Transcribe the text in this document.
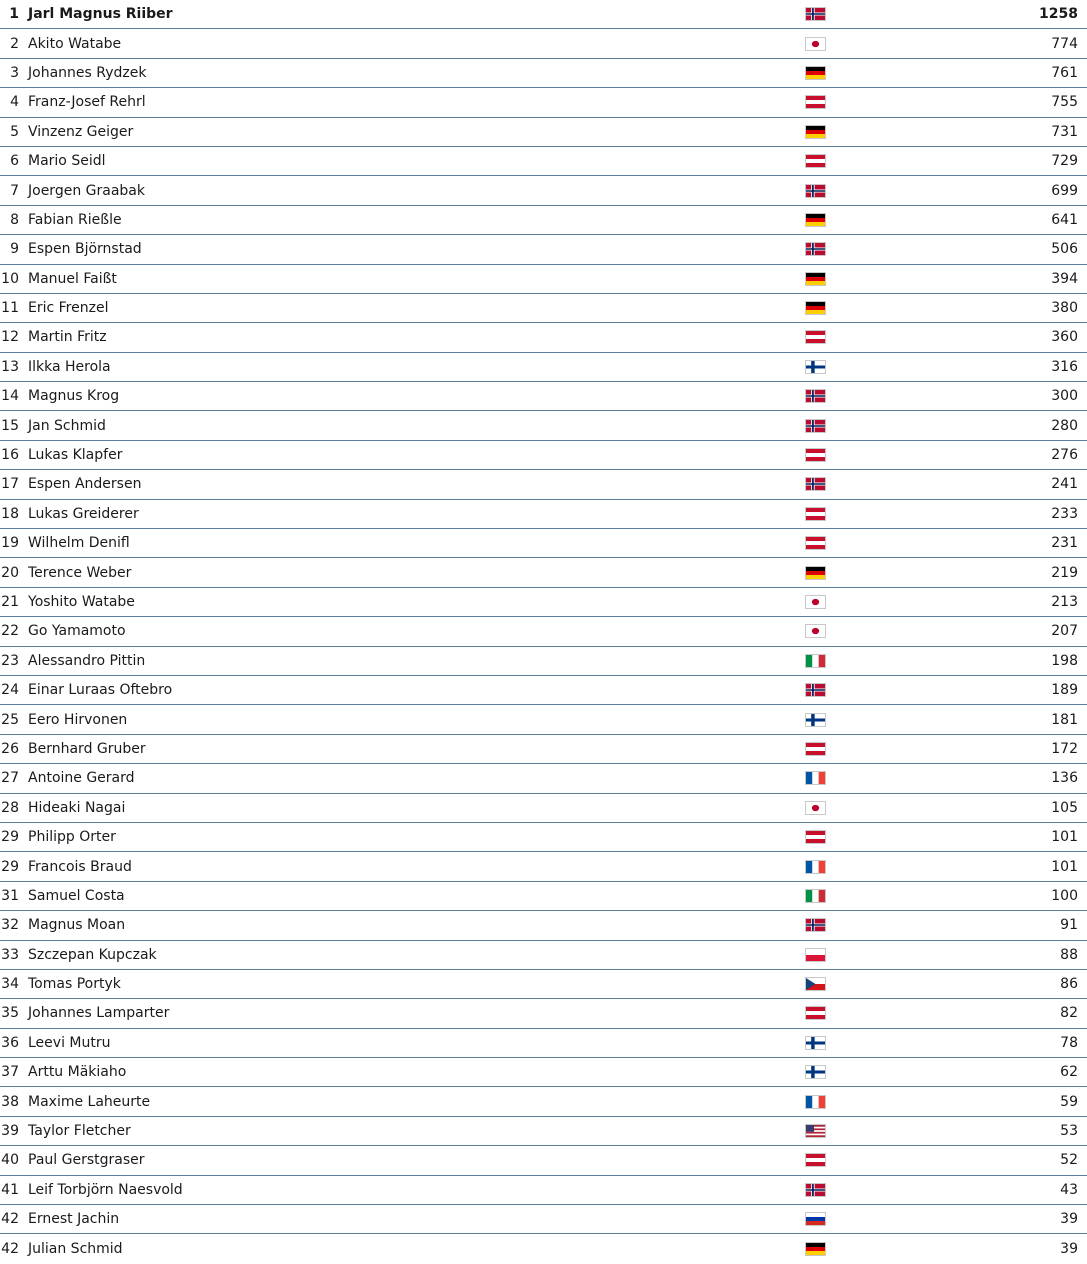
1 Jarl Magnus Riiber	1258
2 Akito Watabe	774
3 Johannes Rydzek	761
4 Franz-Josef Rehrl	755
5 Vinzenz Geiger	731
6 Mario Seidl	729
7 Joergen Graabak	699
8 Fabian Rießle	641
9 Espen Björnstad	506
10 Manuel Faißt	394
11 Eric Frenzel	380
12 Martin Fritz	360
13 Ilkka Herola	316
14 Magnus Krog	300
15 Jan Schmid	280
16 Lukas Klapfer	276
17 Espen Andersen	241
18 Lukas Greiderer	233
19 Wilhelm Denifl	231
20 Terence Weber	219
21 Yoshito Watabe	213
22 Go Yamamoto	207
23 Alessandro Pittin	198
24 Einar Luraas Oftebro	189
25 Eero Hirvonen	181
26 Bernhard Gruber	172
27 Antoine Gerard	136
28 Hideaki Nagai	105
29 Philipp Orter	101
29 Francois Braud	101
31 Samuel Costa	100
32 Magnus Moan	91
33 Szczepan Kupczak	88
34 Tomas Portyk	86
35 Johannes Lamparter	82
36 Leevi Mutru	78
37 Arttu Mäkiaho	62
38 Maxime Laheurte	59
39 Taylor Fletcher	53
40 Paul Gerstgraser	52
41 Leif Torbjörn Naesvold	43
42 Ernest Jachin	39
42 Julian Schmid	39
